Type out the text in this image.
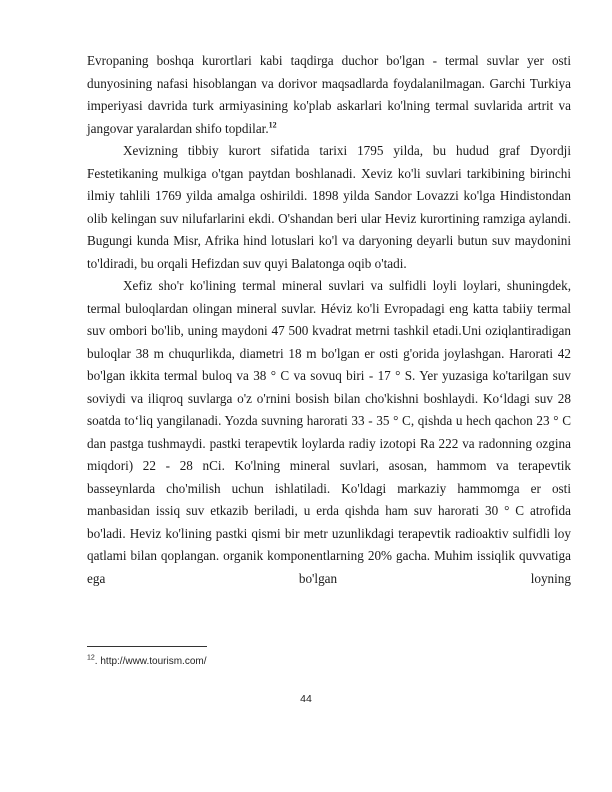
Evropaning boshqa kurortlari kabi taqdirga duchor bo'lgan - termal suvlar yer osti dunyosining nafasi hisoblangan va dorivor maqsadlarda foydalanilmagan. Garchi Turkiya imperiyasi davrida turk armiyasining ko'plab askarlari ko'lning termal suvlarida artrit va jangovar yaralardan shifo topdilar.$^{12}$

Xevizning tibbiy kurort sifatida tarixi 1795 yilda, bu hudud graf Dyordji Festetikaning mulkiga o'tgan paytdan boshlanadi. Xeviz ko'li suvlari tarkibining birinchi ilmiy tahlili 1769 yilda amalga oshirildi. 1898 yilda Sandor Lovazzi ko'lga Hindistondan olib kelingan suv nilufarlarini ekdi. O'shandan beri ular Heviz kurortining ramziga aylandi. Bugungi kunda Misr, Afrika hind lotuslari ko'l va daryoning deyarli butun suv maydonini to'ldiradi, bu orqali Hefizdan suv quyi Balatonga oqib o'tadi.

Xefiz sho'r ko'lining termal mineral suvlari va sulfidli loyli loylari, shuningdek, termal buloqlardan olingan mineral suvlar. Héviz ko'li Evropadagi eng katta tabiiy termal suv ombori bo'lib, uning maydoni 47 500 kvadrat metrni tashkil etadi.Uni oziqlantiradigan buloqlar 38 m chuqurlikda, diametri 18 m bo'lgan er osti g'orida joylashgan. Harorati 42 bo'lgan ikkita termal buloq va 38 ° C va sovuq biri - 17 ° S. Yer yuzasiga ko'tarilgan suv soviydi va iliqroq suvlarga o'z o'rnini bosish bilan cho'kishni boshlaydi. Ko‘ldagi suv 28 soatda to‘liq yangilanadi. Yozda suvning harorati 33 - 35 ° C, qishda u hech qachon 23 ° C dan pastga tushmaydi. pastki terapevtik loylarda radiy izotopi Ra 222 va radonning ozgina miqdori) 22 - 28 nCi. Ko'lning mineral suvlari, asosan, hammom va terapevtik basseynlarda cho'milish uchun ishlatiladi. Ko'ldagi markaziy hammomga er osti manbasidan issiq suv etkazib beriladi, u erda qishda ham suv harorati 30 ° C atrofida bo'ladi. Heviz ko'lining pastki qismi bir metr uzunlikdagi terapevtik radioaktiv sulfidli loy qatlami bilan qoplangan. organik komponentlarning 20% gacha. Muhim issiqlik quvvatiga ega bo'lgan loyning

$^{12}$. http://www.tourism.com/
44
